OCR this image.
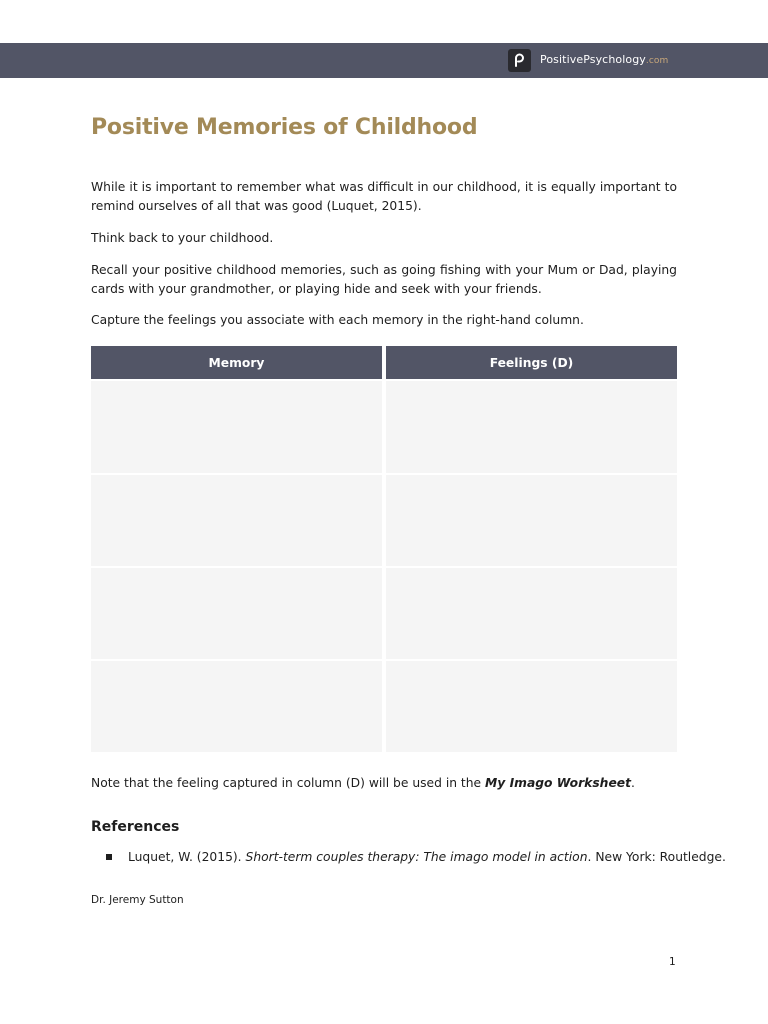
PositivePsychology.com
Positive Memories of Childhood
While it is important to remember what was difficult in our childhood, it is equally important to remind ourselves of all that was good (Luquet, 2015).
Think back to your childhood.
Recall your positive childhood memories, such as going fishing with your Mum or Dad, playing cards with your grandmother, or playing hide and seek with your friends.
Capture the feelings you associate with each memory in the right-hand column.
Memory	Feelings (D)
Note that the feeling captured in column (D) will be used in the My Imago Worksheet.
References
Luquet, W. (2015). Short-term couples therapy: The imago model in action. New York: Routledge.
Dr. Jeremy Sutton
1
